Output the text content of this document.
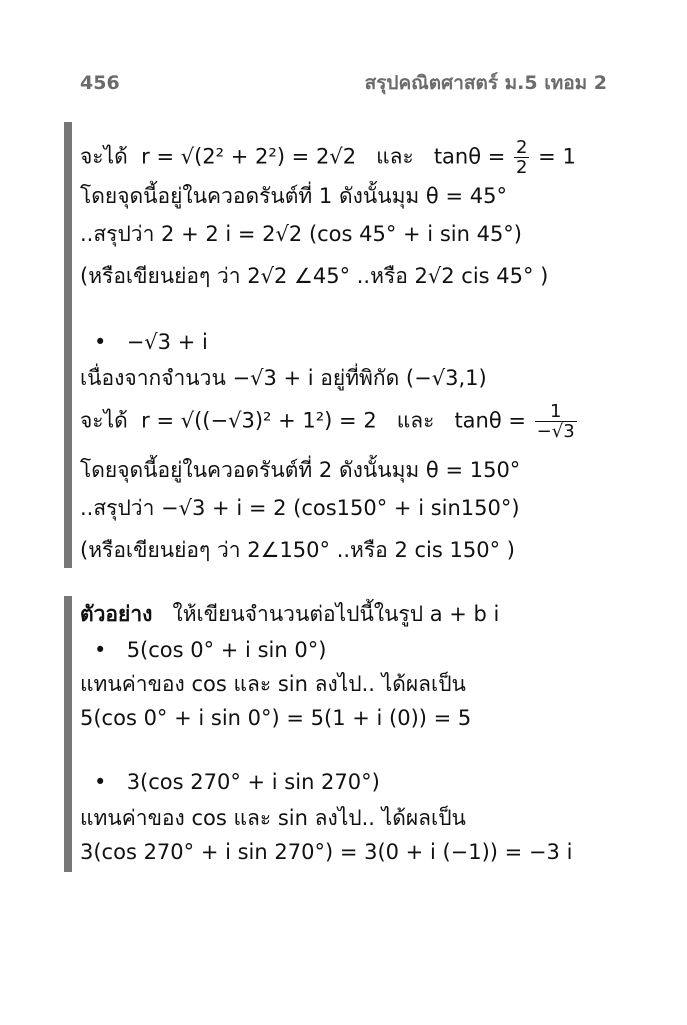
456	สรุปคณิตศาสตร์ ม.5 เทอม 2
จะได้ r = √(2² + 2²) = 2√2 และ $\tan\theta = \frac{2}{2} = 1$
โดยจุดนี้อยู่ในควอดรันต์ที่ 1 ดังนั้นมุม θ = 45°
..สรุปว่า 2 + 2 i = 2√2 (cos 45° + i sin 45°)
(หรือเขียนย่อๆ ว่า 2√2 ∠45° ..หรือ 2√2 cis 45° )
• −√3 + i
เนื่องจากจำนวน −√3 + i อยู่ที่พิกัด (−√3,1)
จะได้ r = √((−√3)² + 1²) = 2 และ $\tan\theta = \frac{1}{-√3}$
โดยจุดนี้อยู่ในควอดรันต์ที่ 2 ดังนั้นมุม θ = 150°
..สรุปว่า −√3 + i = 2 (cos150° + i sin150°)
(หรือเขียนย่อๆ ว่า 2∠150° ..หรือ 2 cis 150° )
ตัวอย่าง ให้เขียนจำนวนต่อไปนี้ในรูป a + b i
• 5(cos 0° + i sin 0°)
แทนค่าของ cos และ sin ลงไป.. ได้ผลเป็น
5(cos 0° + i sin 0°) = 5(1 + i (0)) = 5
• 3(cos 270° + i sin 270°)
แทนค่าของ cos และ sin ลงไป.. ได้ผลเป็น
3(cos 270° + i sin 270°) = 3(0 + i (−1)) = −3 i
